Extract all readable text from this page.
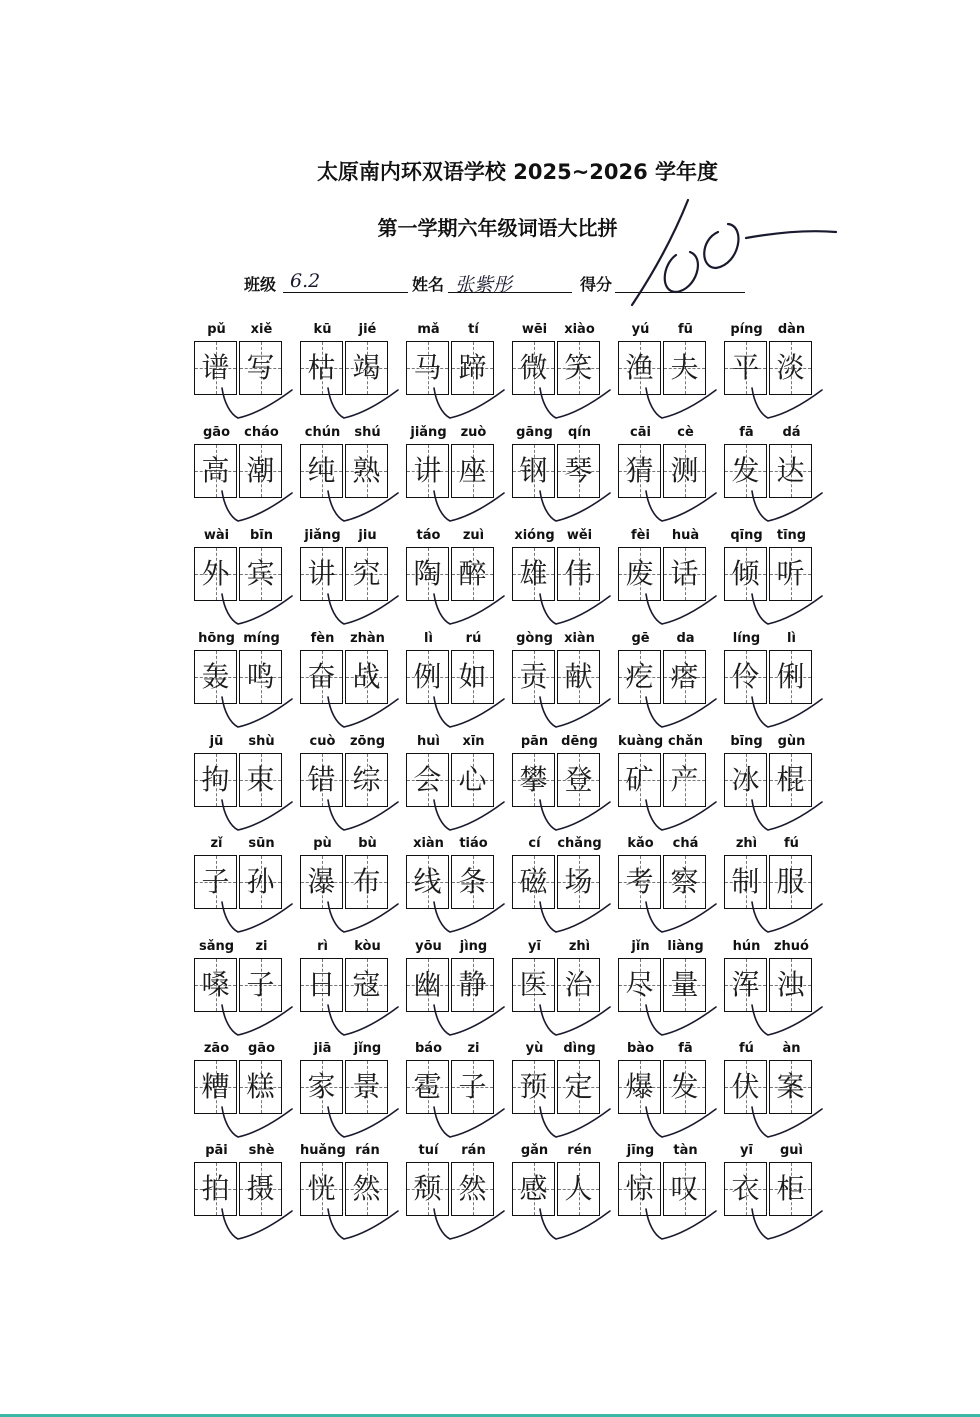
太原南内环双语学校 2025~2026 学年度
第一学期六年级词语大比拼
班级 6.2	姓名 张紫彤	得分
pǔ
谱
xiě
写
kū
枯
jié
竭
mǎ
马
tí
蹄
wēi
微
xiào
笑
yú
渔
fū
夫
píng
平
dàn
淡
gāo
高
cháo
潮
chún
纯
shú
熟
jiǎng
讲
zuò
座
gāng
钢
qín
琴
cāi
猜
cè
测
fā
发
dá
达
wài
外
bīn
宾
jiǎng
讲
jiu
究
táo
陶
zuì
醉
xióng
雄
wěi
伟
fèi
废
huà
话
qīng
倾
tīng
听
hōng
轰
míng
鸣
fèn
奋
zhàn
战
lì
例
rú
如
gòng
贡
xiàn
献
gē
疙
da
瘩
líng
伶
lì
俐
jū
拘
shù
束
cuò
错
zōng
综
huì
会
xīn
心
pān
攀
dēng
登
kuàng
矿
chǎn
产
bīng
冰
gùn
棍
zǐ
子
sūn
孙
pù
瀑
bù
布
xiàn
线
tiáo
条
cí
磁
chǎng
场
kǎo
考
chá
察
zhì
制
fú
服
sǎng
嗓
zi
子
rì
日
kòu
寇
yōu
幽
jìng
静
yī
医
zhì
治
jǐn
尽
liàng
量
hún
浑
zhuó
浊
zāo
糟
gāo
糕
jiā
家
jǐng
景
báo
雹
zi
子
yù
预
dìng
定
bào
爆
fā
发
fú
伏
àn
案
pāi
拍
shè
摄
huǎng
恍
rán
然
tuí
颓
rán
然
gǎn
感
rén
人
jīng
惊
tàn
叹
yī
衣
guì
柜
